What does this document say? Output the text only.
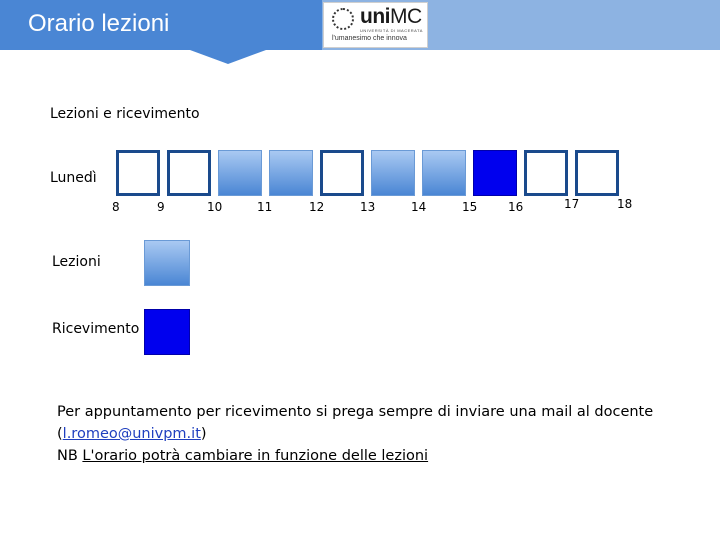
Orario lezioni	uniMC
UNIVERSITÀ DI MACERATA
l'umanesimo che innova
Lezioni e ricevimento
Lunedì
8	9	10	11	12	13	14	15	16	17	18
Lezioni
Ricevimento
Per appuntamento per ricevimento si prega sempre di inviare una mail al docente
(l.romeo@univpm.it)
NB L'orario potrà cambiare in funzione delle lezioni
